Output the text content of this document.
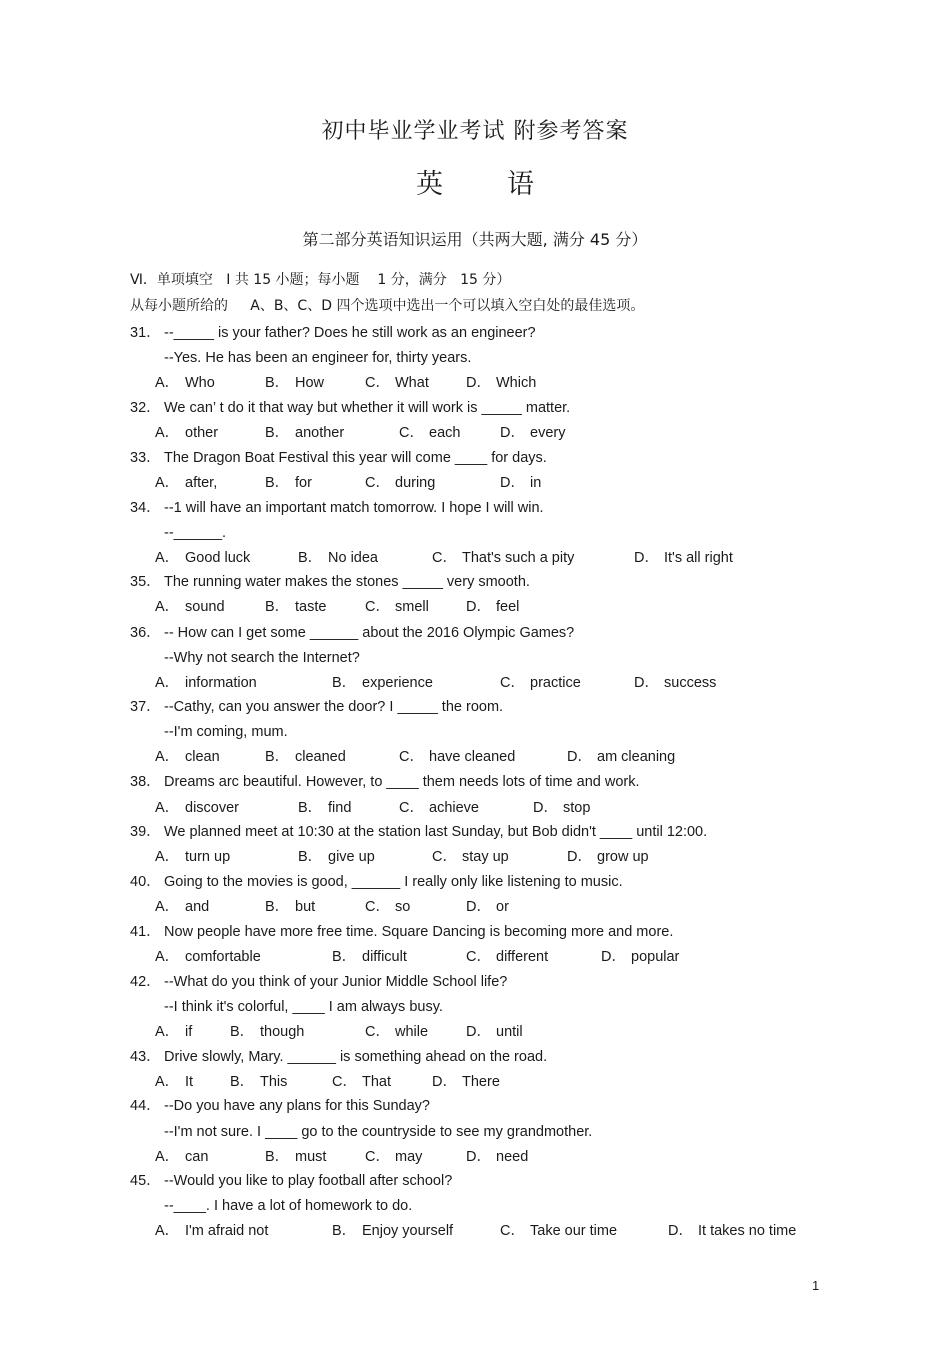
初中毕业学业考试 附参考答案
英 语
第二部分英语知识运用（共两大题, 满分 45 分）
Ⅵ．单项填空   I 共 15 小题；每小题    1 分，满分   15 分）
从每小题所给的     A、B、C、D 四个选项中选出一个可以填入空白处的最佳选项。
31． --_____ is your father? Does he still work as an engineer?
--Yes. He has been an engineer for, thirty years.
A． Who	B． How	C． What	D． Which
32． We can’ t do it that way but whether it will work is _____ matter.
A． other	B． another	C． each	D． every
33． The Dragon Boat Festival this year will come ____ for days.
A． after,	B． for	C． during	D． in
34． --1 will have an important match tomorrow. I hope I will win.
--______.
A． Good luck	B． No idea	C． That's such a pity	D． It's all right
35． The running water makes the stones _____ very smooth.
A． sound	B． taste	C． smell	D． feel
36． -- How can I get some ______ about the 2016 Olympic Games?
--Why not search the Internet?
A． information	B． experience	C． practice	D． success
37． --Cathy, can you answer the door? I _____ the room.
--I'm coming, mum.
A． clean	B． cleaned	C． have cleaned	D． am cleaning
38． Dreams arc beautiful. However, to ____ them needs lots of time and work.
A． discover	B． find	C． achieve	D． stop
39． We planned meet at 10:30 at the station last Sunday, but Bob didn't ____ until 12:00.
A． turn up	B． give up	C． stay up	D． grow up
40． Going to the movies is good, ______ I really only like listening to music.
A． and	B． but	C． so	D． or
41． Now people have more free time. Square Dancing is becoming more and more.
A． comfortable	B． difficult	C． different	D． popular
42． --What do you think of your Junior Middle School life?
--I think it's colorful, ____ I am always busy.
A． if	B． though	C． while	D． until
43． Drive slowly, Mary. ______ is something ahead on the road.
A． It	B． This	C． That	D． There
44． --Do you have any plans for this Sunday?
--I'm not sure. I ____ go to the countryside to see my grandmother.
A． can	B． must	C． may	D． need
45． --Would you like to play football after school?
--____. I have a lot of homework to do.
A． I'm afraid not	B． Enjoy yourself	C． Take our time	D． It takes no time
1
